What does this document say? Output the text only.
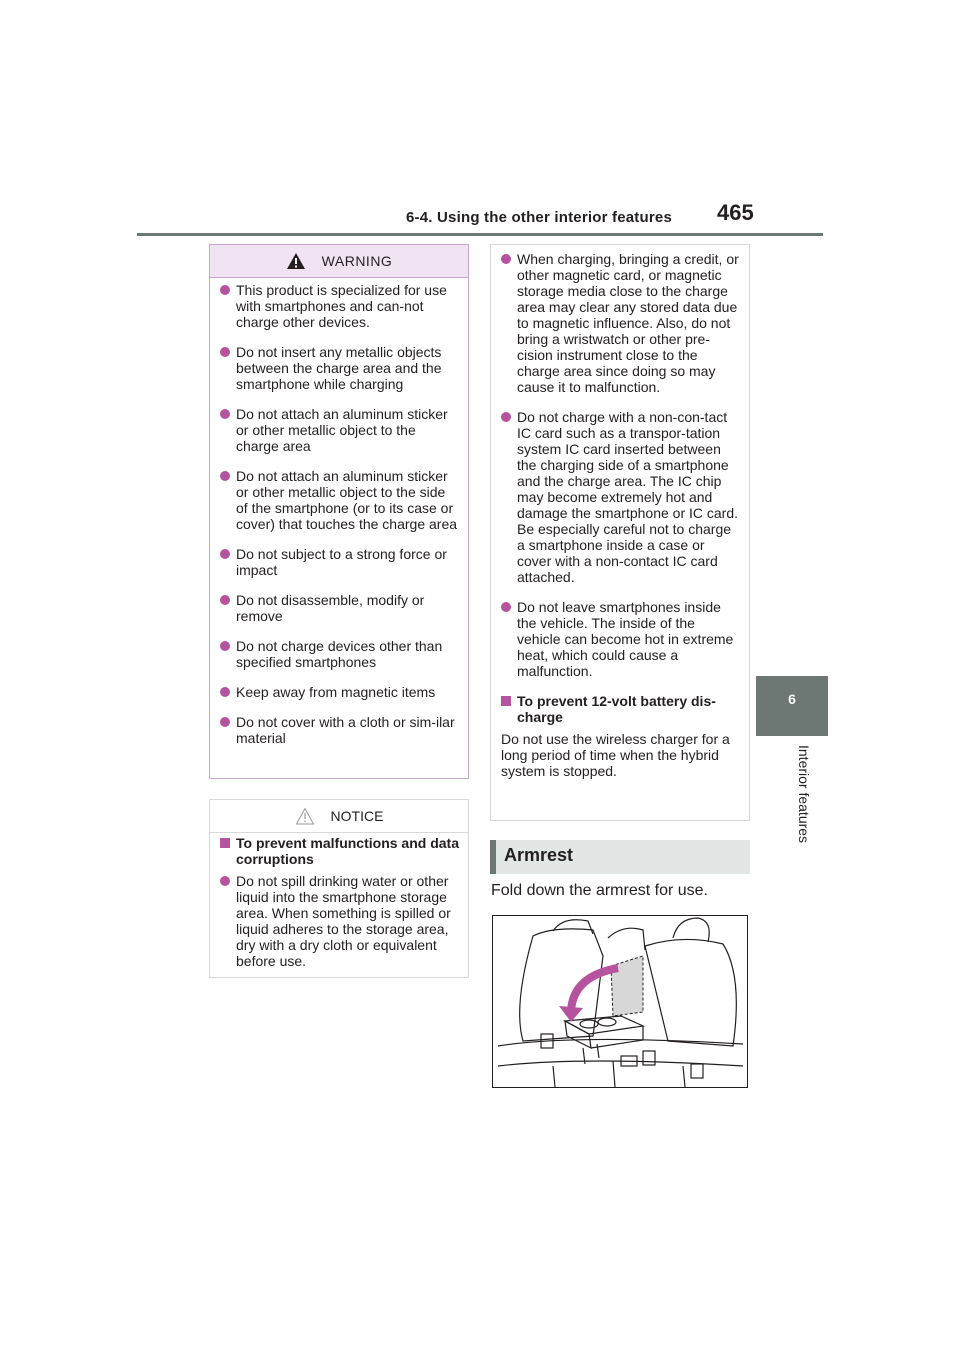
6-4. Using the other interior features 465
6
Interior features
WARNING
This product is specialized for use with smartphones and can-not charge other devices.
Do not insert any metallic objects between the charge area and the smartphone while charging
Do not attach an aluminum sticker or other metallic object to the charge area
Do not attach an aluminum sticker or other metallic object to the side of the smartphone (or to its case or cover) that touches the charge area
Do not subject to a strong force or impact
Do not disassemble, modify or remove
Do not charge devices other than specified smartphones
Keep away from magnetic items
Do not cover with a cloth or sim-ilar material
NOTICE
To prevent malfunctions and data corruptions
Do not spill drinking water or other liquid into the smartphone storage area. When something is spilled or liquid adheres to the storage area, dry with a dry cloth or equivalent before use.
When charging, bringing a credit, or other magnetic card, or magnetic storage media close to the charge area may clear any stored data due to magnetic influence. Also, do not bring a wristwatch or other pre-cision instrument close to the charge area since doing so may cause it to malfunction.
Do not charge with a non-con-tact IC card such as a transpor-tation system IC card inserted between the charging side of a smartphone and the charge area. The IC chip may become extremely hot and damage the smartphone or IC card. Be especially careful not to charge a smartphone inside a case or cover with a non-contact IC card attached.
Do not leave smartphones inside the vehicle. The inside of the vehicle can become hot in extreme heat, which could cause a malfunction.
To prevent 12-volt battery dis-charge
Do not use the wireless charger for a long period of time when the hybrid system is stopped.
Armrest
Fold down the armrest for use.
